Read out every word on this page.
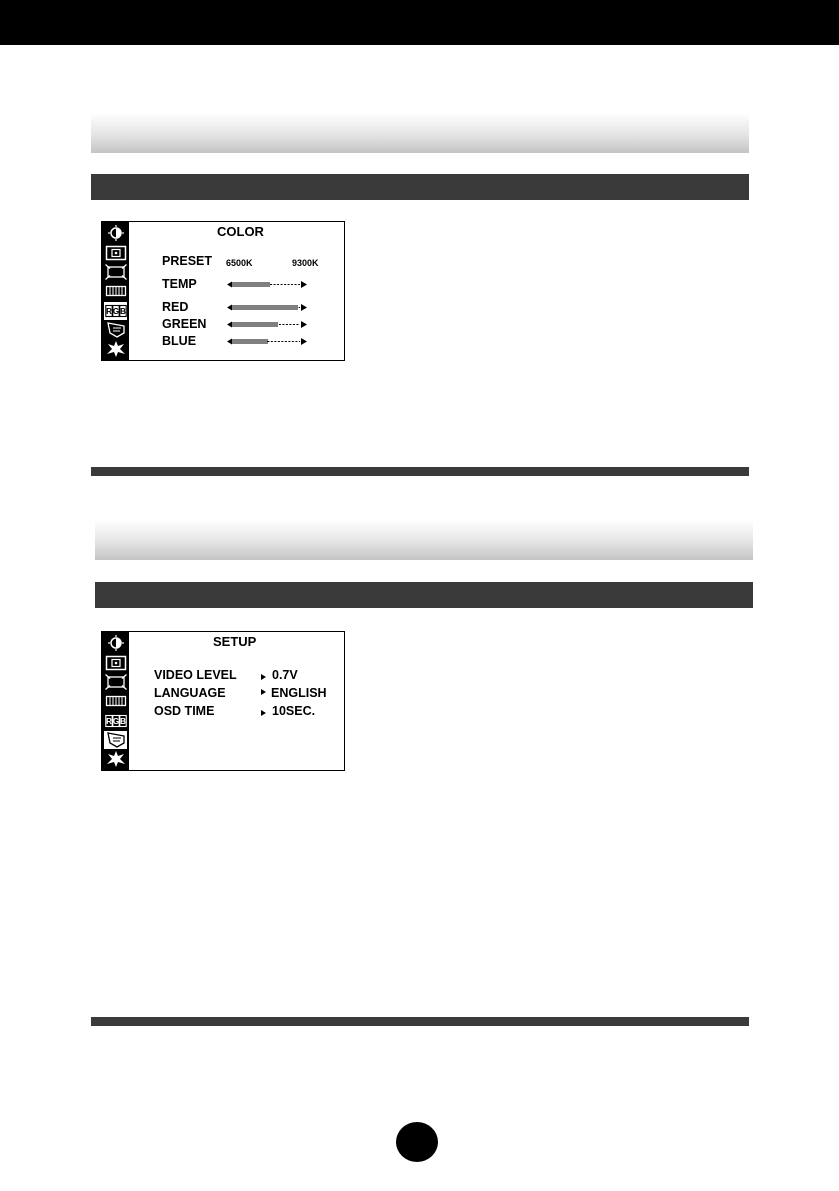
R G B
COLOR
PRESET 6500K	9300K
TEMP
RED
GREEN
BLUE
R G B
SETUP
VIDEO LEVEL	0.7V
LANGUAGE	ENGLISH
OSD TIME	10SEC.
